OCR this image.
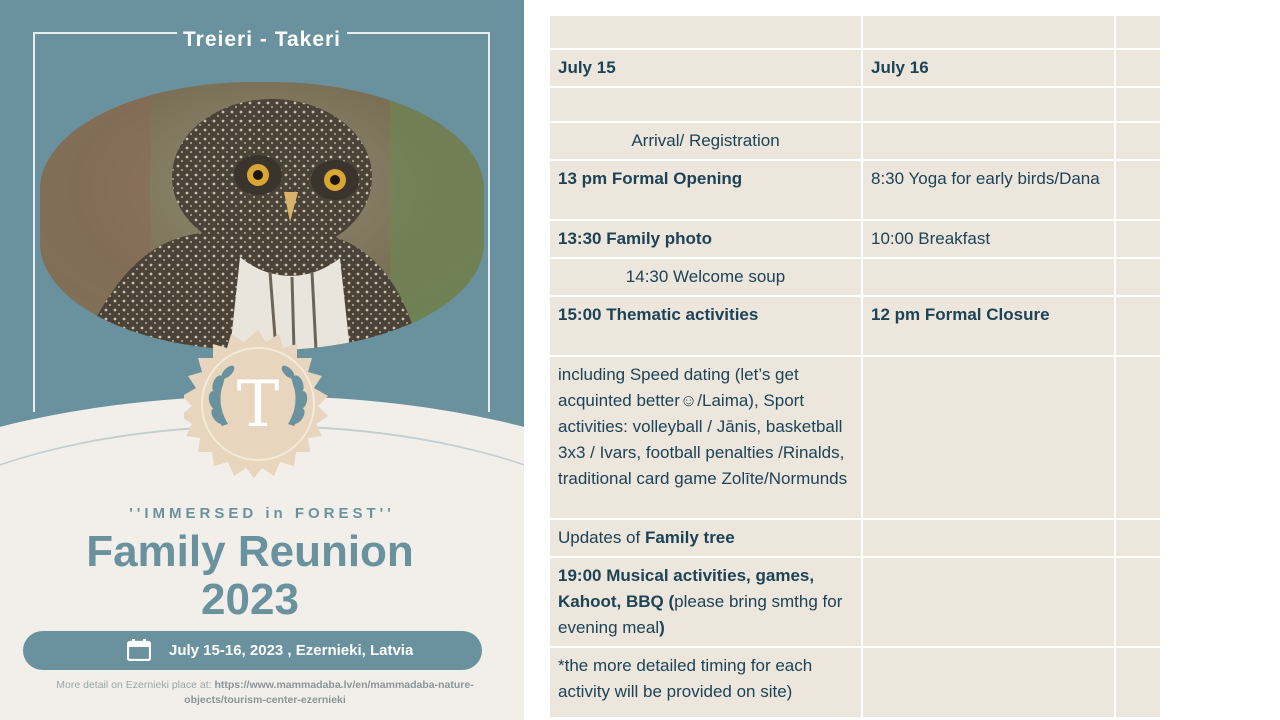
Treieri - Takeri
T
''IMMERSED in FOREST''
Family Reunion
2023
July 15-16, 2023 , Ezernieki, Latvia
More detail on Ezernieki place at: https://www.mammadaba.lv/en/mammadaba-nature-objects/tourism-center-ezernieki

July 15	July 16	

Arrival/ Registration		
13 pm Formal Opening	8:30 Yoga for early birds/Dana	
13:30 Family photo	10:00 Breakfast	
14:30 Welcome soup		
15:00 Thematic activities	12 pm Formal Closure	
including Speed dating (let’s get acquinted better☺/Laima), Sport activities: volleyball / Jānis, basketball 3x3 / Ivars, football penalties /Rinalds, traditional card game Zolīte/Normunds		
Updates of Family tree		
19:00 Musical activities, games, Kahoot, BBQ (please bring smthg for evening meal)		
*the more detailed timing for each activity will be provided on site)		
